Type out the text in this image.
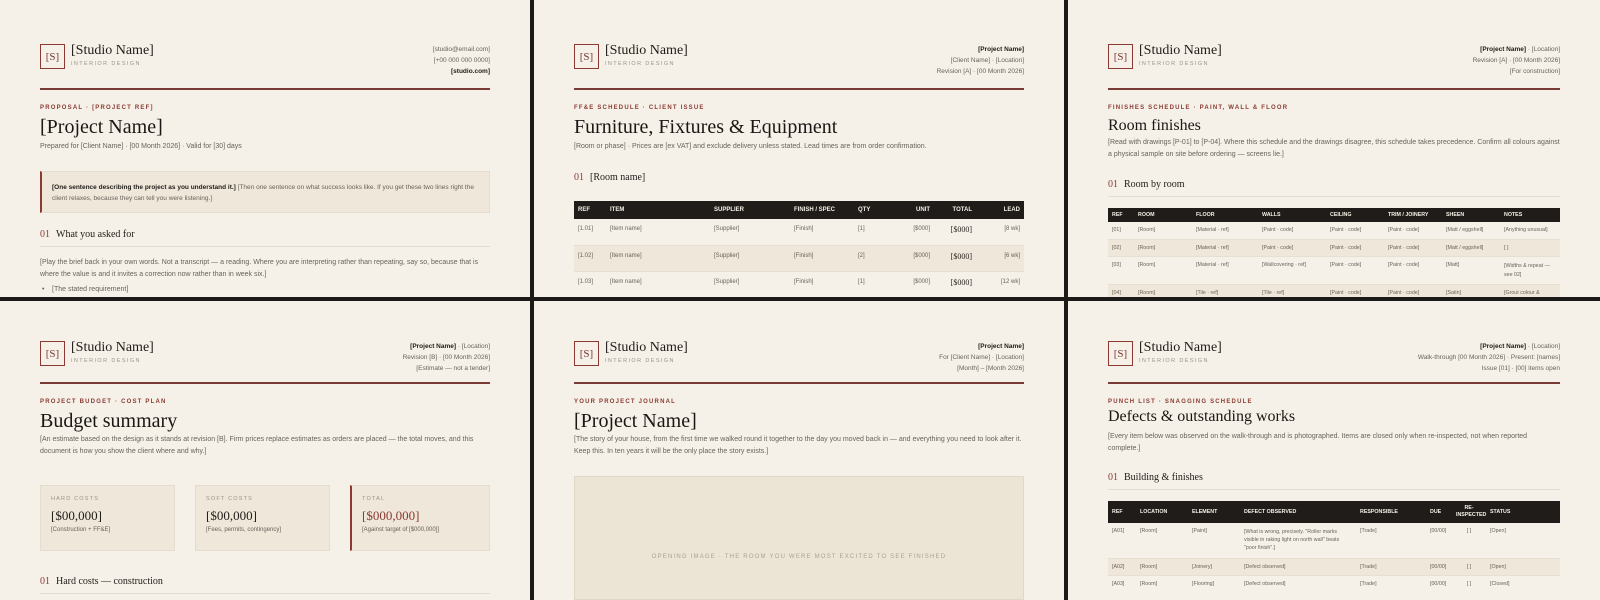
[S] [Studio Name]
INTERIOR DESIGN
[studio@email.com]
[+00 000 000 0000]
[studio.com]
PROPOSAL · [PROJECT REF]
[Project Name]
Prepared for [Client Name] · [00 Month 2026] · Valid for [30] days
[One sentence describing the project as you understand it.] [Then one sentence on what success looks like. If you get these two lines right the client relaxes, because they can tell you were listening.]
01 What you asked for
[Play the brief back in your own words. Not a transcript — a reading. Where you are interpreting rather than repeating, say so, because that is where the value is and it invites a correction now rather than in week six.]
• [The stated requirement]
[S] [Studio Name]
INTERIOR DESIGN
[Project Name]
[Client Name] · [Location]
Revision [A] · [00 Month 2026]
FF&E SCHEDULE · CLIENT ISSUE
Furniture, Fixtures & Equipment
[Room or phase] · Prices are [ex VAT] and exclude delivery unless stated. Lead times are from order confirmation.
01 [Room name]
REF	ITEM	SUPPLIER	FINISH / SPEC	QTY	UNIT	TOTAL	LEAD
[1.01]	[Item name]	[Supplier]	[Finish]	[1]	[$000]	[$000]	[8 wk]
[1.02]	[Item name]	[Supplier]	[Finish]	[2]	[$000]	[$000]	[6 wk]
[1.03]	[Item name]	[Supplier]	[Finish]	[1]	[$000]	[$000]	[12 wk]
[S] [Studio Name]
INTERIOR DESIGN
[Project Name] · [Location]
Revision [A] · [00 Month 2026]
[For construction]
FINISHES SCHEDULE · PAINT, WALL & FLOOR
Room finishes
[Read with drawings [P-01] to [P-04]. Where this schedule and the drawings disagree, this schedule takes precedence. Confirm all colours against a physical sample on site before ordering — screens lie.]
01 Room by room
REF	ROOM	FLOOR	WALLS	CEILING	TRIM / JOINERY	SHEEN	NOTES
[01]	[Room]	[Material · ref]	[Paint · code]	[Paint · code]	[Paint · code]	[Matt / eggshell]	[Anything unusual]
[02]	[Room]	[Material · ref]	[Paint · code]	[Paint · code]	[Paint · code]	[Matt / eggshell]	[ ]
[03]	[Room]	[Material · ref]	[Wallcovering · ref]	[Paint · code]	[Paint · code]	[Matt]	[Widths & repeat — see 02]
[04]	[Room]	[Tile · ref]	[Tile · ref]	[Paint · code]	[Paint · code]	[Satin]	[Grout colour &
[S] [Studio Name]
INTERIOR DESIGN
[Project Name] · [Location]
Revision [B] · [00 Month 2026]
[Estimate — not a tender]
PROJECT BUDGET · COST PLAN
Budget summary
[An estimate based on the design as it stands at revision [B]. Firm prices replace estimates as orders are placed — the total moves, and this document is how you show the client where and why.]
HARD COSTS
[$00,000]
[Construction + FF&E]
SOFT COSTS
[$00,000]
[Fees, permits, contingency]
TOTAL
[$000,000]
[Against target of [$000,000]]
01 Hard costs — construction
[S] [Studio Name]
INTERIOR DESIGN
[Project Name]
For [Client Name] · [Location]
[Month] – [Month 2026]
YOUR PROJECT JOURNAL
[Project Name]
[The story of your house, from the first time we walked round it together to the day you moved back in — and everything you need to look after it. Keep this. In ten years it will be the only place the story exists.]
OPENING IMAGE · THE ROOM YOU WERE MOST EXCITED TO SEE FINISHED
[S] [Studio Name]
INTERIOR DESIGN
[Project Name] · [Location]
Walk-through [00 Month 2026] · Present: [names]
Issue [01] · [00] items open
PUNCH LIST · SNAGGING SCHEDULE
Defects & outstanding works
[Every item below was observed on the walk-through and is photographed. Items are closed only when re-inspected, not when reported complete.]
01 Building & finishes
REF	LOCATION	ELEMENT	DEFECT OBSERVED	RESPONSIBLE	DUE	RE-INSPECTED	STATUS
[A01]	[Room]	[Paint]	[What is wrong, precisely. "Roller marks visible in raking light on north wall" beats "poor finish".]	[Trade]	[00/00]	[ ]	[Open]
[A02]	[Room]	[Joinery]	[Defect observed]	[Trade]	[00/00]	[ ]	[Open]
[A03]	[Room]	[Flooring]	[Defect observed]	[Trade]	[00/00]	[ ]	[Closed]
